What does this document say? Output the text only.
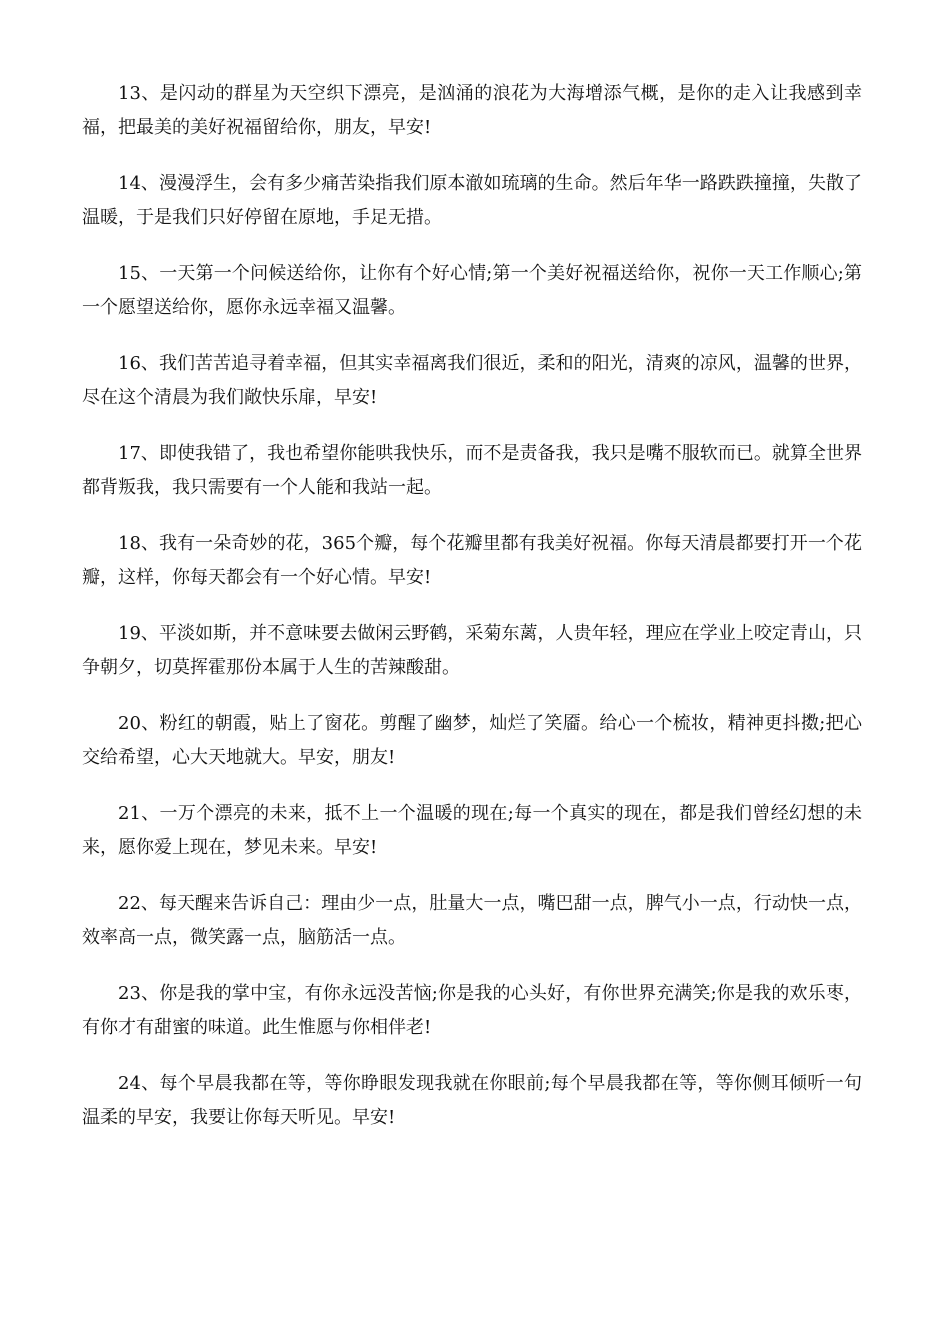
13、是闪动的群星为天空织下漂亮，是汹涌的浪花为大海增添气概，是你的走入让我感到幸福，把最美的美好祝福留给你，朋友，早安!

14、漫漫浮生，会有多少痛苦染指我们原本澈如琉璃的生命。然后年华一路跌跌撞撞，失散了温暖，于是我们只好停留在原地，手足无措。

15、一天第一个问候送给你，让你有个好心情;第一个美好祝福送给你，祝你一天工作顺心;第一个愿望送给你，愿你永远幸福又温馨。

16、我们苦苦追寻着幸福，但其实幸福离我们很近，柔和的阳光，清爽的凉风，温馨的世界，尽在这个清晨为我们敞快乐扉，早安!

17、即使我错了，我也希望你能哄我快乐，而不是责备我，我只是嘴不服软而已。就算全世界都背叛我，我只需要有一个人能和我站一起。

18、我有一朵奇妙的花，365个瓣，每个花瓣里都有我美好祝福。你每天清晨都要打开一个花瓣，这样，你每天都会有一个好心情。早安!

19、平淡如斯，并不意味要去做闲云野鹤，采菊东蓠，人贵年轻，理应在学业上咬定青山，只争朝夕，切莫挥霍那份本属于人生的苦辣酸甜。

20、粉红的朝霞，贴上了窗花。剪醒了幽梦，灿烂了笑靥。给心一个梳妆，精神更抖擞;把心交给希望，心大天地就大。早安，朋友!

21、一万个漂亮的未来，抵不上一个温暖的现在;每一个真实的现在，都是我们曾经幻想的未来，愿你爱上现在，梦见未来。早安!

22、每天醒来告诉自己：理由少一点，肚量大一点，嘴巴甜一点，脾气小一点，行动快一点，效率高一点，微笑露一点，脑筋活一点。

23、你是我的掌中宝，有你永远没苦恼;你是我的心头好，有你世界充满笑;你是我的欢乐枣，有你才有甜蜜的味道。此生惟愿与你相伴老!

24、每个早晨我都在等，等你睁眼发现我就在你眼前;每个早晨我都在等，等你侧耳倾听一句温柔的早安，我要让你每天听见。早安!
